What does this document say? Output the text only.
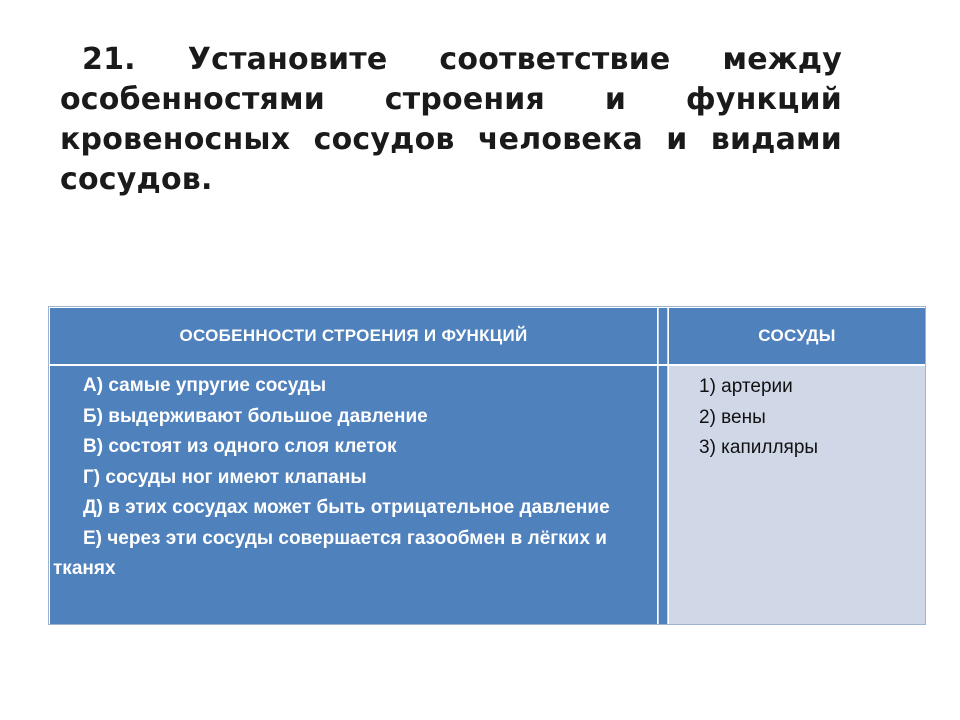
21. Установите соответствие между особенностями строения и функций кровеносных сосудов человека и видами сосудов.
ОСОБЕННОСТИ СТРОЕНИЯ И ФУНКЦИЙ	СОСУДЫ

А) самые упругие сосуды

Б) выдерживают большое давление

В) состоят из одного слоя клеток

Г) сосуды ног имеют клапаны

Д) в этих сосудах может быть отрицательное давление

Е) через эти сосуды совершается газообмен в лёгких и тканях

1) артерии

2) вены

3) капилляры
